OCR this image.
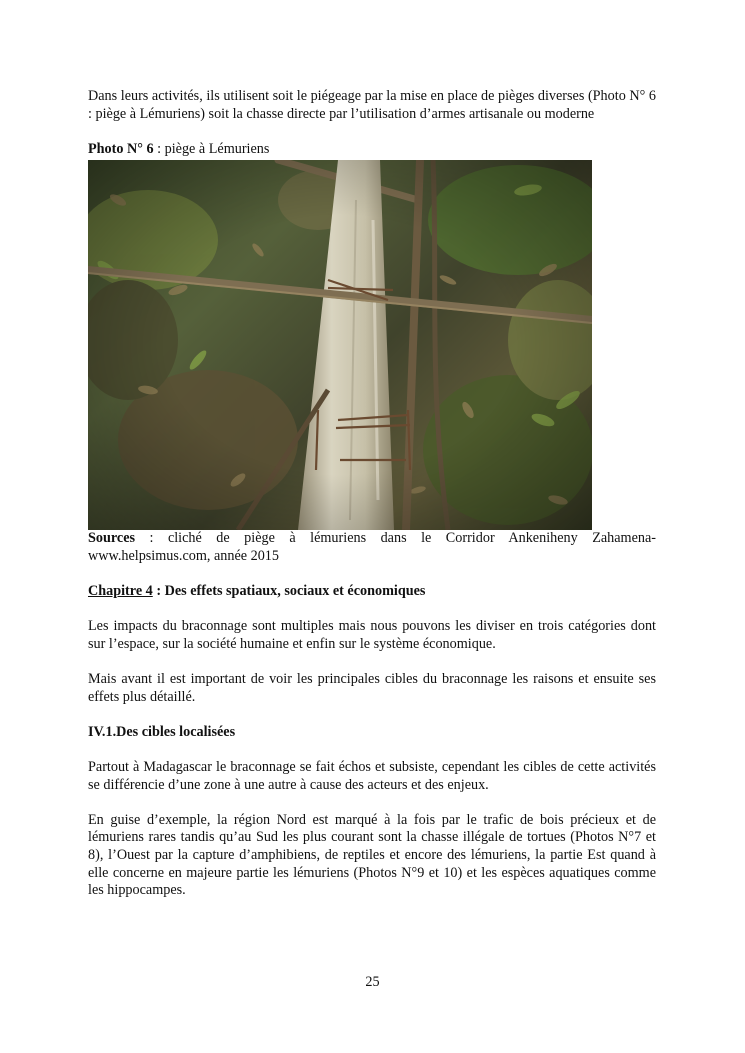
Dans leurs activités, ils utilisent soit le piégeage par la mise en place de pièges diverses (Photo N° 6 : piège à Lémuriens) soit la chasse directe par l’utilisation d’armes artisanale ou moderne

Photo N° 6 : piège à Lémuriens

Sources : cliché de piège à lémuriens dans le Corridor Ankeniheny Zahamena-www.helpsimus.com, année 2015

Chapitre 4 : Des effets spatiaux, sociaux et économiques

Les impacts du braconnage sont multiples mais nous pouvons les diviser en trois catégories dont sur l’espace, sur la société humaine et enfin sur le système économique.

Mais avant il est important de voir les principales cibles du braconnage les raisons et ensuite ses effets plus détaillé.

IV.1.Des cibles localisées

Partout à Madagascar le braconnage se fait échos et subsiste, cependant les cibles de cette activités se différencie d’une zone à une autre à cause des acteurs et des enjeux.

En guise d’exemple, la région Nord est marqué à la fois par le trafic de bois précieux et de lémuriens rares tandis qu’au Sud les plus courant sont la chasse illégale de tortues (Photos N°7 et 8), l’Ouest par la capture d’amphibiens, de reptiles et encore des lémuriens, la partie Est quand à elle concerne en majeure partie les lémuriens (Photos N°9 et 10) et les espèces aquatiques comme les hippocampes.

25
